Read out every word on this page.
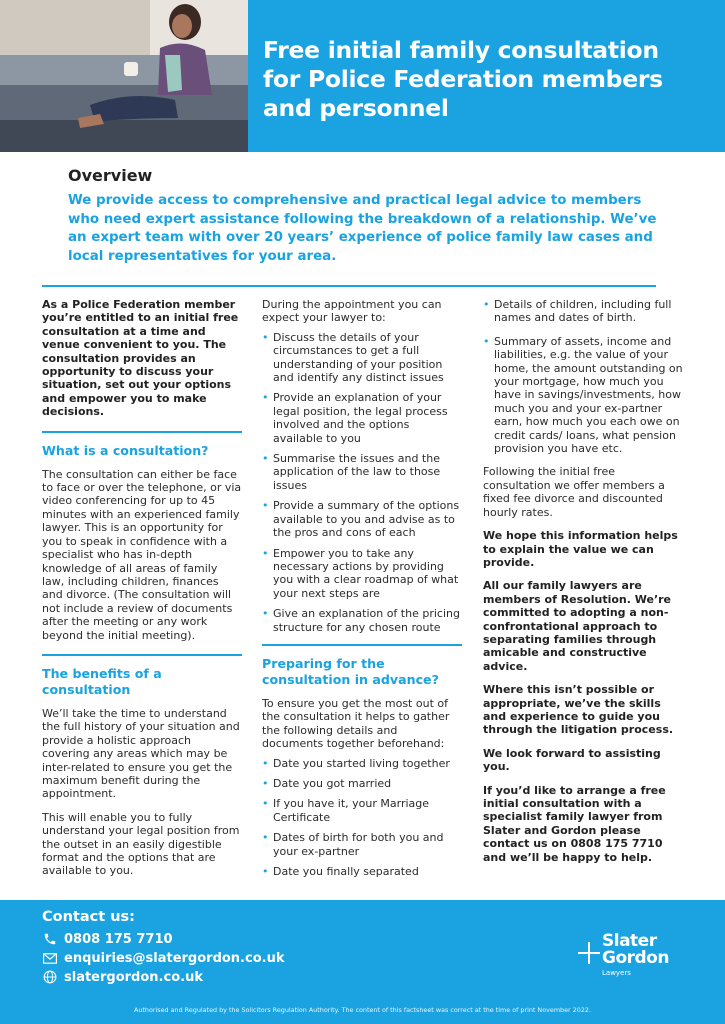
Free initial family consultation
for Police Federation members
and personnel
Overview
We provide access to comprehensive and practical legal advice to members who need expert assistance following the breakdown of a relationship. We’ve an expert team with over 20 years’ experience of police family law cases and local representatives for your area.
As a Police Federation member you’re entitled to an initial free consultation at a time and venue convenient to you. The consultation provides an opportunity to discuss your situation, set out your options and empower you to make decisions.
What is a consultation?
The consultation can either be face to face or over the telephone, or via video conferencing for up to 45 minutes with an experienced family lawyer. This is an opportunity for you to speak in confidence with a specialist who has in-depth knowledge of all areas of family law, including children, finances and divorce. (The consultation will not include a review of documents after the meeting or any work beyond the initial meeting).
The benefits of a consultation
We’ll take the time to understand the full history of your situation and provide a holistic approach covering any areas which may be inter-related to ensure you get the maximum benefit during the appointment.
This will enable you to fully understand your legal position from the outset in an easily digestible format and the options that are available to you.
During the appointment you can expect your lawyer to:
• Discuss the details of your circumstances to get a full understanding of your position and identify any distinct issues
• Provide an explanation of your legal position, the legal process involved and the options available to you
• Summarise the issues and the application of the law to those issues
• Provide a summary of the options available to you and advise as to the pros and cons of each
• Empower you to take any necessary actions by providing you with a clear roadmap of what your next steps are
• Give an explanation of the pricing structure for any chosen route
Preparing for the consultation in advance?
To ensure you get the most out of the consultation it helps to gather the following details and documents together beforehand:
• Date you started living together
• Date you got married
• If you have it, your Marriage Certificate
• Dates of birth for both you and your ex-partner
• Date you finally separated
• Details of children, including full names and dates of birth.
• Summary of assets, income and liabilities, e.g. the value of your home, the amount outstanding on your mortgage, how much you have in savings/investments, how much you and your ex-partner earn, how much you each owe on credit cards/ loans, what pension provision you have etc.
Following the initial free consultation we offer members a fixed fee divorce and discounted hourly rates.
We hope this information helps to explain the value we can provide.
All our family lawyers are members of Resolution. We’re committed to adopting a non-confrontational approach to separating families through amicable and constructive advice.
Where this isn’t possible or appropriate, we’ve the skills and experience to guide you through the litigation process.
We look forward to assisting you.
If you’d like to arrange a free initial consultation with a specialist family lawyer from Slater and Gordon please contact us on 0808 175 7710 and we’ll be happy to help.
Contact us:
0808 175 7710
enquiries@slatergordon.co.uk
slatergordon.co.uk
Slater
Gordon
Lawyers
Authorised and Regulated by the Solicitors Regulation Authority. The content of this factsheet was correct at the time of print November 2022.
